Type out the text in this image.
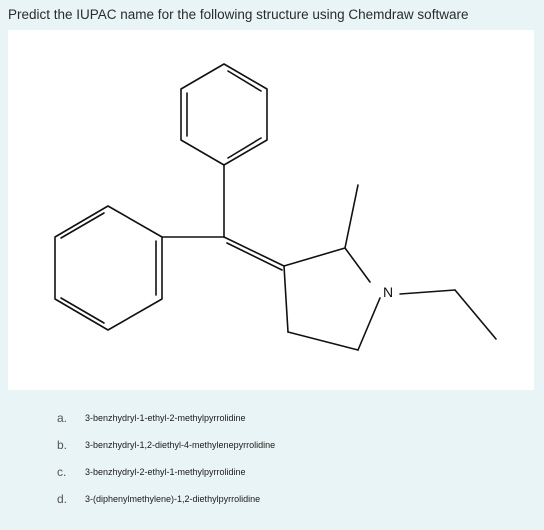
Predict the IUPAC name for the following structure using Chemdraw software
N
a.	3-benzhydryl-1-ethyl-2-methylpyrrolidine
b.	3-benzhydryl-1,2-diethyl-4-methylenepyrrolidine
c.	3-benzhydryl-2-ethyl-1-methylpyrrolidine
d.	3-(diphenylmethylene)-1,2-diethylpyrrolidine
